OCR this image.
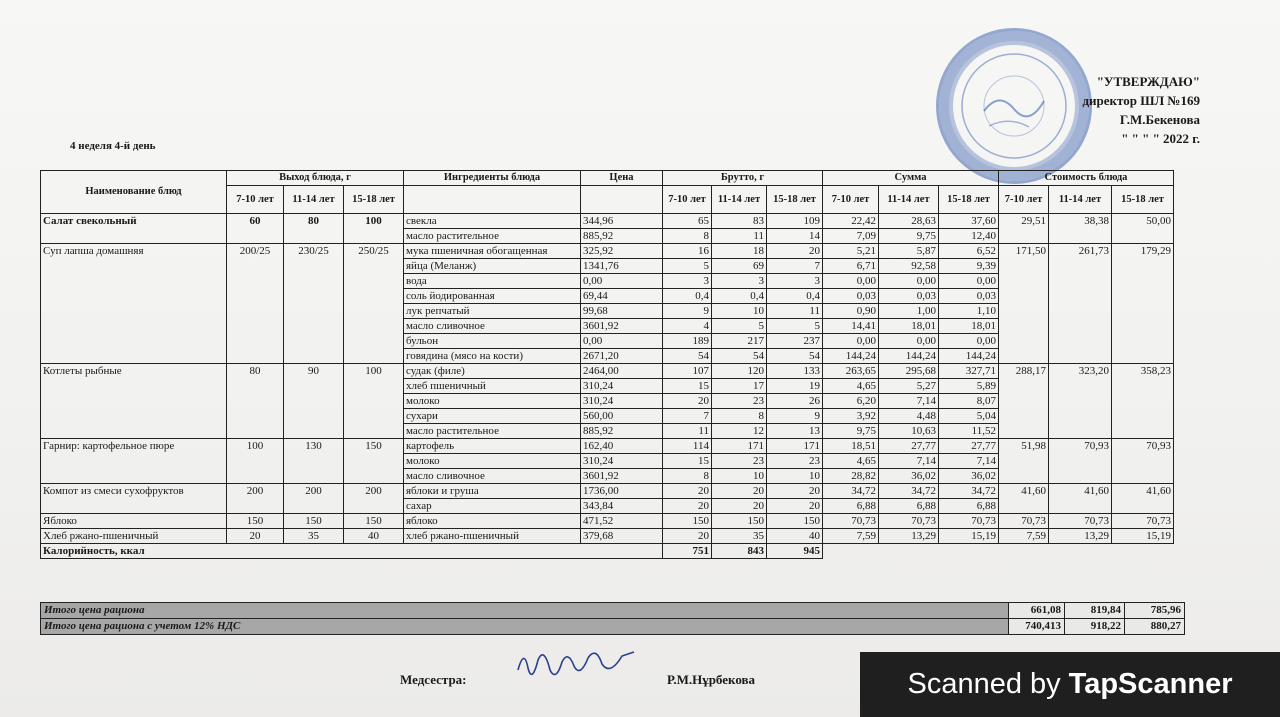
"УТВЕРЖДАЮ"
директор ШЛ №169
Г.М.Бекенова
" " " " 2022 г.
4 неделя 4-й день
Наименование блюд	Выход блюда, г			Ингредиенты блюда	Цена	Брутто, г			Сумма			Стоимость блюда		
	7-10 лет	11-14 лет	15-18 лет			7-10 лет	11-14 лет	15-18 лет	7-10 лет	11-14 лет	15-18 лет	7-10 лет	11-14 лет	15-18 лет
Салат свекольный	60	80	100	свекла	344,96	65	83	109	22,42	28,63	37,60	29,51	38,38	50,00
				масло растительное	885,92	8	11	14	7,09	9,75	12,40			
Суп лапша домашняя	200/25	230/25	250/25	мука пшеничная обогащенная	325,92	16	18	20	5,21	5,87	6,52	171,50	261,73	179,29
				яйца (Меланж)	1341,76	5	69	7	6,71	92,58	9,39			
				вода	0,00	3	3	3	0,00	0,00	0,00			
				соль йодированная	69,44	0,4	0,4	0,4	0,03	0,03	0,03			
				лук репчатый	99,68	9	10	11	0,90	1,00	1,10			
				масло сливочное	3601,92	4	5	5	14,41	18,01	18,01			
				бульон	0,00	189	217	237	0,00	0,00	0,00			
				говядина (мясо на кости)	2671,20	54	54	54	144,24	144,24	144,24			
Котлеты рыбные	80	90	100	судак (филе)	2464,00	107	120	133	263,65	295,68	327,71	288,17	323,20	358,23
				хлеб пшеничный	310,24	15	17	19	4,65	5,27	5,89			
				молоко	310,24	20	23	26	6,20	7,14	8,07			
				сухари	560,00	7	8	9	3,92	4,48	5,04			
				масло растительное	885,92	11	12	13	9,75	10,63	11,52			
Гарнир: картофельное пюре	100	130	150	картофель	162,40	114	171	171	18,51	27,77	27,77	51,98	70,93	70,93
				молоко	310,24	15	23	23	4,65	7,14	7,14			
				масло сливочное	3601,92	8	10	10	28,82	36,02	36,02			
Компот из смеси сухофруктов	200	200	200	яблоки и груша	1736,00	20	20	20	34,72	34,72	34,72	41,60	41,60	41,60
				сахар	343,84	20	20	20	6,88	6,88	6,88			
Яблоко	150	150	150	яблоко	471,52	150	150	150	70,73	70,73	70,73	70,73	70,73	70,73
Хлеб ржано-пшеничный	20	35	40	хлеб ржано-пшеничный	379,68	20	35	40	7,59	13,29	15,19	7,59	13,29	15,19
Калорийность, ккал						751	843	945						
Итого цена рациона	661,08	819,84	785,96
Итого цена рациона с учетом 12% НДС	740,413	918,22	880,27
Медсестра:	Р.М.Нұрбекова	Scanned by TapScanner
